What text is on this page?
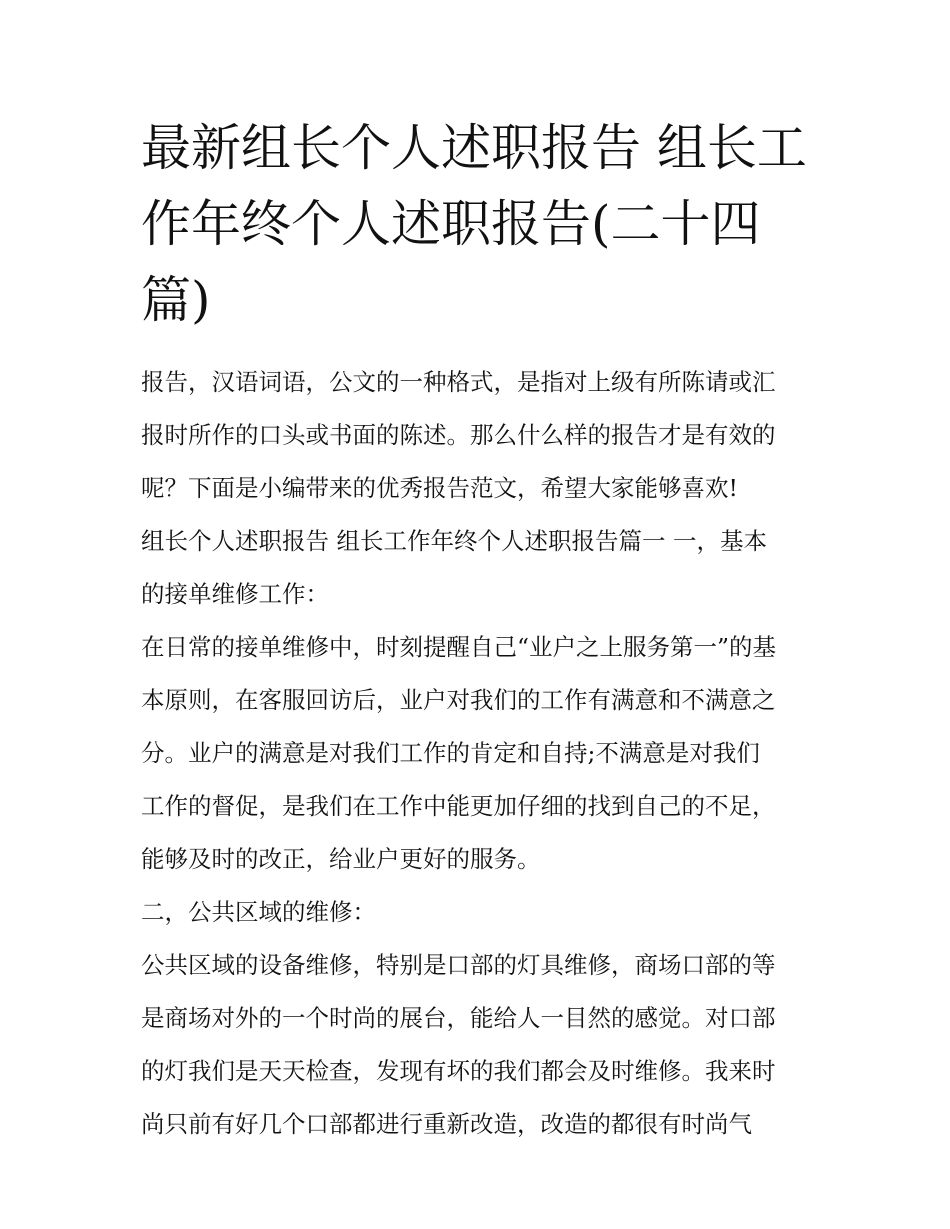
最新组长个人述职报告 组长工
作年终个人述职报告(二十四
篇)
报告，汉语词语，公文的一种格式，是指对上级有所陈请或汇
报时所作的口头或书面的陈述。那么什么样的报告才是有效的
呢？下面是小编带来的优秀报告范文，希望大家能够喜欢!
组长个人述职报告 组长工作年终个人述职报告篇一 一，基本
的接单维修工作：
在日常的接单维修中，时刻提醒自己“业户之上服务第一”的基
本原则，在客服回访后，业户对我们的工作有满意和不满意之
分。业户的满意是对我们工作的肯定和自持;不满意是对我们
工作的督促，是我们在工作中能更加仔细的找到自己的不足，
能够及时的改正，给业户更好的服务。
二，公共区域的维修：
公共区域的设备维修，特别是口部的灯具维修，商场口部的等
是商场对外的一个时尚的展台，能给人一目然的感觉。对口部
的灯我们是天天检查，发现有坏的我们都会及时维修。我来时
尚只前有好几个口部都进行重新改造，改造的都很有时尚气
